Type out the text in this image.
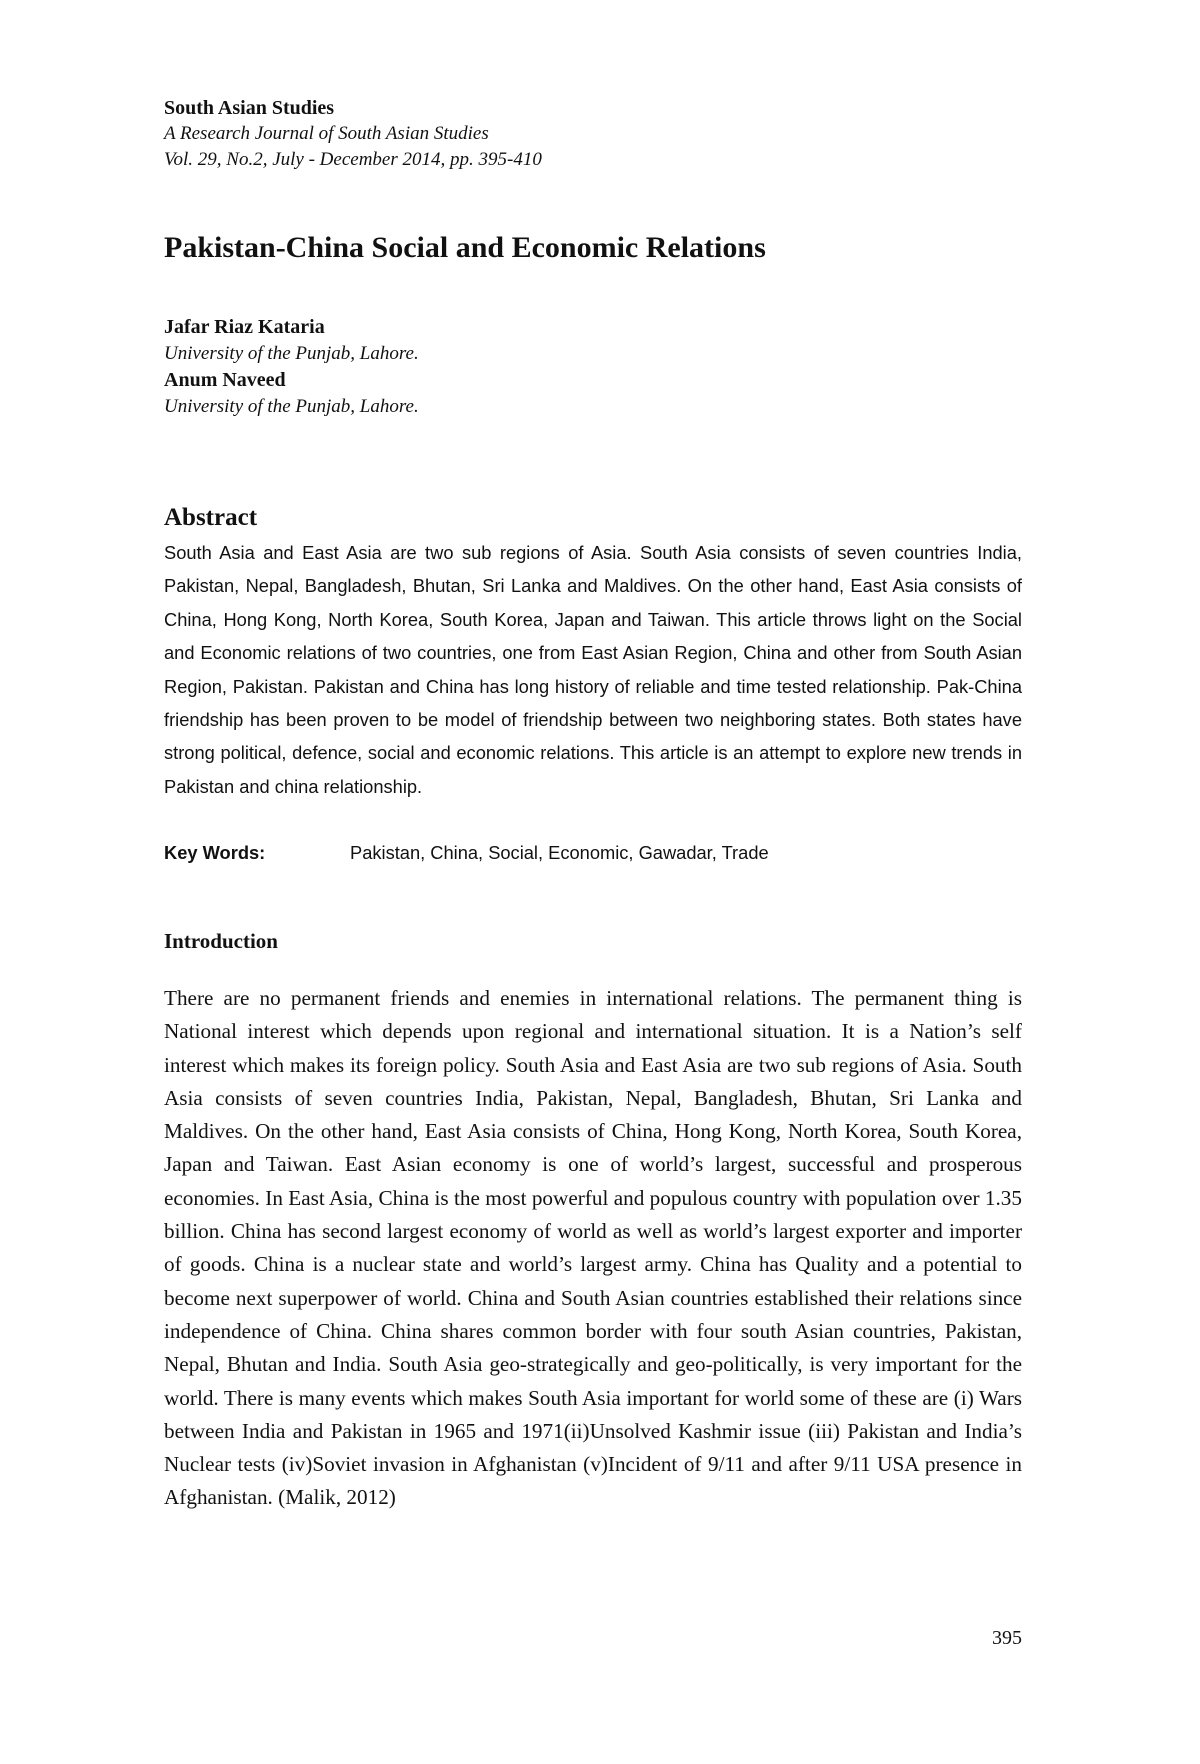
South Asian Studies
A Research Journal of South Asian Studies
Vol. 29, No.2, July - December 2014, pp. 395-410
Pakistan-China Social and Economic Relations
Jafar Riaz Kataria
University of the Punjab, Lahore.
Anum Naveed
University of the Punjab, Lahore.
Abstract

South Asia and East Asia are two sub regions of Asia. South Asia consists of seven countries India, Pakistan, Nepal, Bangladesh, Bhutan, Sri Lanka and Maldives. On the other hand, East Asia consists of China, Hong Kong, North Korea, South Korea, Japan and Taiwan. This article throws light on the Social and Economic relations of two countries, one from East Asian Region, China and other from South Asian Region, Pakistan. Pakistan and China has long history of reliable and time tested relationship. Pak-China friendship has been proven to be model of friendship between two neighboring states. Both states have strong political, defence, social and economic relations. This article is an attempt to explore new trends in Pakistan and china relationship.

Key Words:	Pakistan, China, Social, Economic, Gawadar, Trade
Introduction

There are no permanent friends and enemies in international relations. The permanent thing is National interest which depends upon regional and international situation. It is a Nation’s self interest which makes its foreign policy. South Asia and East Asia are two sub regions of Asia. South Asia consists of seven countries India, Pakistan, Nepal, Bangladesh, Bhutan, Sri Lanka and Maldives. On the other hand, East Asia consists of China, Hong Kong, North Korea, South Korea, Japan and Taiwan. East Asian economy is one of world’s largest, successful and prosperous economies. In East Asia, China is the most powerful and populous country with population over 1.35 billion. China has second largest economy of world as well as world’s largest exporter and importer of goods. China is a nuclear state and world’s largest army. China has Quality and a potential to become next superpower of world. China and South Asian countries established their relations since independence of China. China shares common border with four south Asian countries, Pakistan, Nepal, Bhutan and India. South Asia geo-strategically and geo-politically, is very important for the world. There is many events which makes South Asia important for world some of these are (i) Wars between India and Pakistan in 1965 and 1971(ii)Unsolved Kashmir issue (iii) Pakistan and India’s Nuclear tests (iv)Soviet invasion in Afghanistan (v)Incident of 9/11 and after 9/11 USA presence in Afghanistan. (Malik, 2012)

395
